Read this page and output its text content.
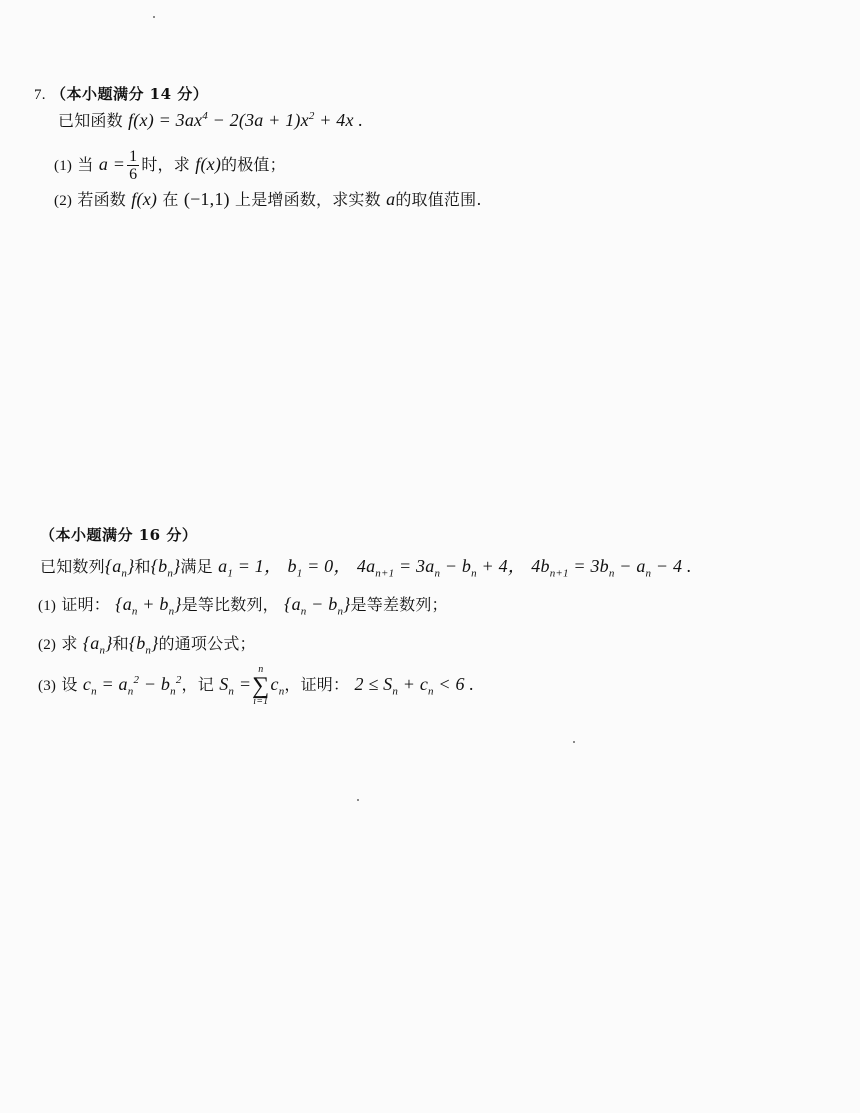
7. （本小题满分 14 分）
已知函数 $f(x) = 3ax^4 - 2(3a + 1)x^2 + 4x$ .
(1) 当 $a = \frac{1}{6}$ 时，求 f(x)的极值；
(2) 若函数 f(x) 在 (−1,1) 上是增函数，求实数 a的取值范围.
（本小题满分 16 分）
已知数列$\{a_n\}$和$\{b_n\}$满足 $a_1 = 1$， $b_1 = 0$， $4a_{n+1} = 3a_n - b_n + 4$， $4b_{n+1} = 3b_n - a_n - 4$ .
(1) 证明： $\{a_n + b_n\}$是等比数列， $\{a_n - b_n\}$是等差数列；
(2) 求 $\{a_n\}$和$\{b_n\}$的通项公式；
(3) 设 $c_n = a_n^2 - b_n^2$，记 $S_n$ =
n
∑
i=1
$c_n$，证明： $2 \le S_n + c_n < 6$ .
